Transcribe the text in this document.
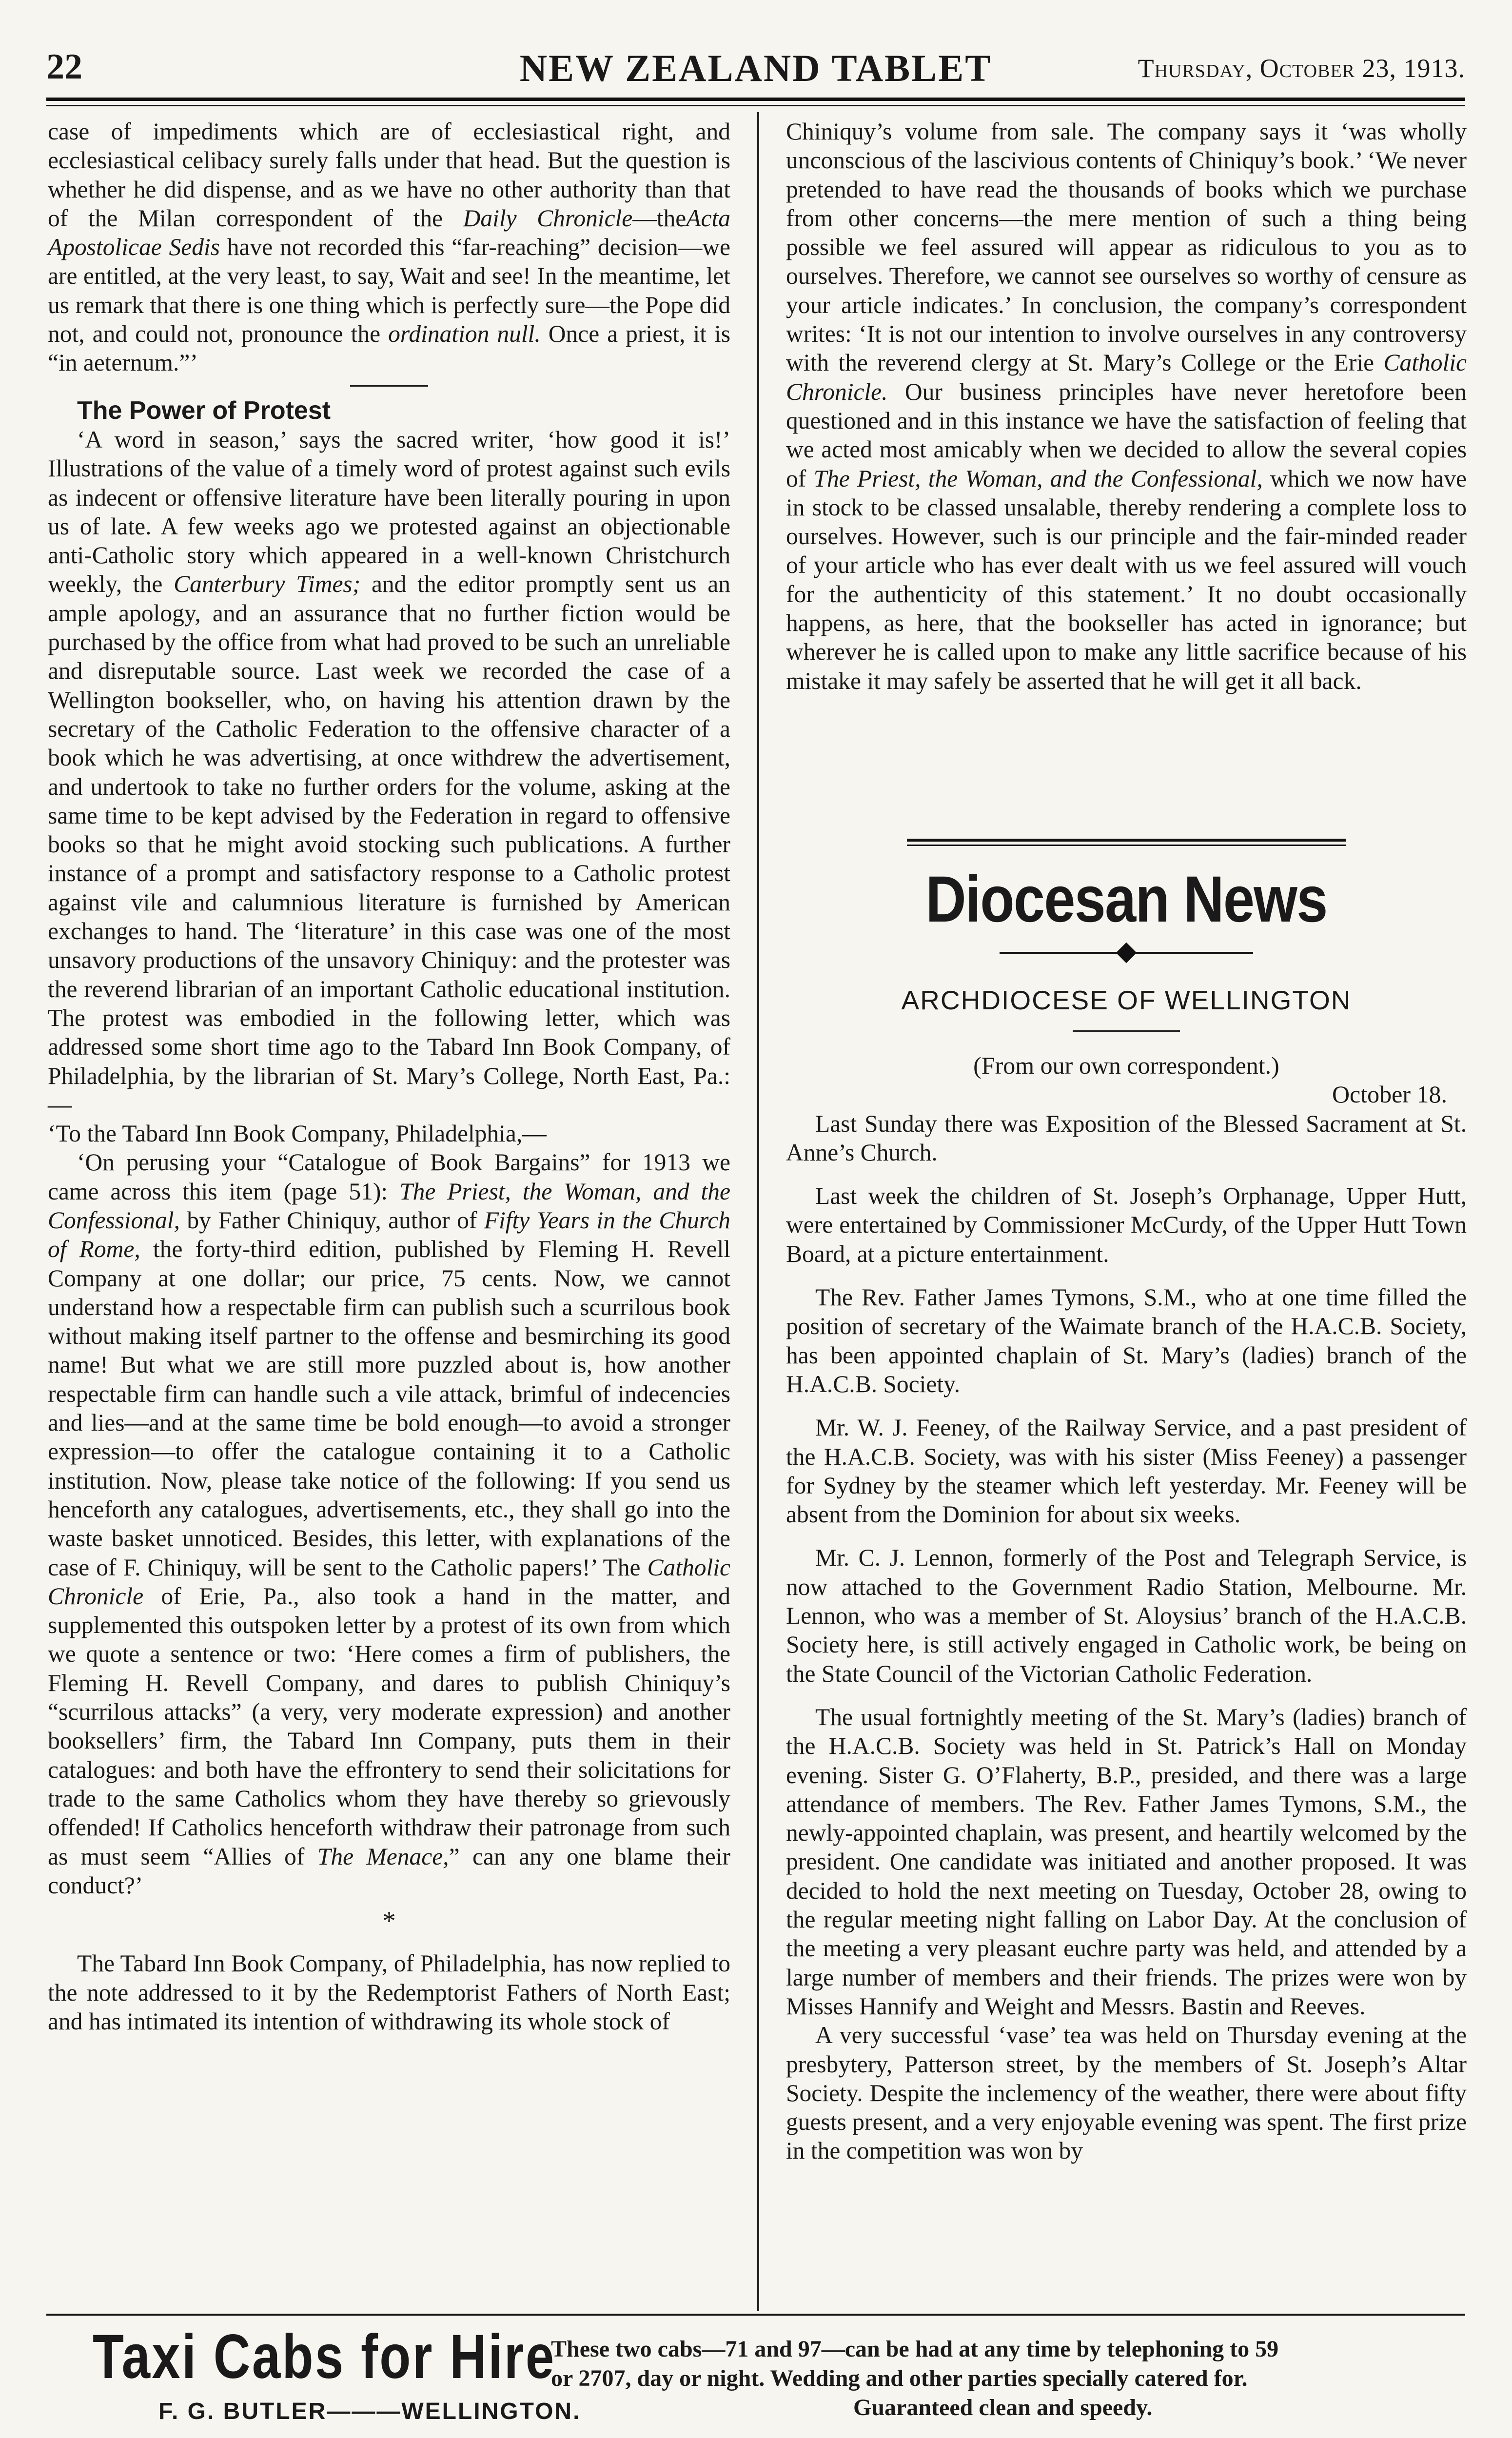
NEW ZEALAND TABLET
22	Thursday, October 23, 1913.

case of impediments which are of ecclesiastical right, and ecclesiastical celibacy surely falls under that head. But the question is whether he did dispense, and as we have no other authority than that of the Milan correspondent of the Daily Chronicle—theActa Apostolicae Sedis have not recorded this “far-reaching” decision—we are entitled, at the very least, to say, Wait and see! In the meantime, let us remark that there is one thing which is perfectly sure—the Pope did not, and could not, pronounce the ordination null. Once a priest, it is “in aeternum.”’

The Power of Protest

‘A word in season,’ says the sacred writer, ‘how good it is!’ Illustrations of the value of a timely word of protest against such evils as indecent or offensive literature have been literally pouring in upon us of late. A few weeks ago we protested against an objectionable anti-Catholic story which appeared in a well-known Christchurch weekly, the Canterbury Times; and the editor promptly sent us an ample apology, and an assurance that no further fiction would be purchased by the office from what had proved to be such an unreliable and disreputable source. Last week we recorded the case of a Wellington bookseller, who, on having his attention drawn by the secretary of the Catholic Federation to the offensive character of a book which he was advertising, at once withdrew the advertisement, and undertook to take no further orders for the volume, asking at the same time to be kept advised by the Federation in regard to offensive books so that he might avoid stocking such publications. A further instance of a prompt and satisfactory response to a Catholic protest against vile and calumnious literature is furnished by American exchanges to hand. The ‘literature’ in this case was one of the most unsavory productions of the unsavory Chiniquy: and the protester was the reverend librarian of an important Catholic educational institution. The protest was embodied in the following letter, which was addressed some short time ago to the Tabard Inn Book Company, of Philadelphia, by the librarian of St. Mary’s College, North East, Pa.:—

‘To the Tabard Inn Book Company, Philadelphia,—

‘On perusing your “Catalogue of Book Bargains” for 1913 we came across this item (page 51): The Priest, the Woman, and the Confessional, by Father Chiniquy, author of Fifty Years in the Church of Rome, the forty-third edition, published by Fleming H. Revell Company at one dollar; our price, 75 cents. Now, we cannot understand how a respectable firm can publish such a scurrilous book without making itself partner to the offense and besmirching its good name! But what we are still more puzzled about is, how another respectable firm can handle such a vile attack, brimful of indecencies and lies—and at the same time be bold enough—to avoid a stronger expression—to offer the catalogue containing it to a Catholic institution. Now, please take notice of the following: If you send us henceforth any catalogues, advertisements, etc., they shall go into the waste basket unnoticed. Besides, this letter, with explanations of the case of F. Chiniquy, will be sent to the Catholic papers!’ The Catholic Chronicle of Erie, Pa., also took a hand in the matter, and supplemented this outspoken letter by a protest of its own from which we quote a sentence or two: ‘Here comes a firm of publishers, the Fleming H. Revell Company, and dares to publish Chiniquy’s “scurrilous attacks” (a very, very moderate expression) and another booksellers’ firm, the Tabard Inn Company, puts them in their catalogues: and both have the effrontery to send their solicitations for trade to the same Catholics whom they have thereby so grievously offended! If Catholics henceforth withdraw their patronage from such as must seem “Allies of The Menace,” can any one blame their conduct?’

*

The Tabard Inn Book Company, of Philadelphia, has now replied to the note addressed to it by the Redemptorist Fathers of North East; and has intimated its intention of withdrawing its whole stock of

Chiniquy’s volume from sale. The company says it ‘was wholly unconscious of the lascivious contents of Chiniquy’s book.’ ‘We never pretended to have read the thousands of books which we purchase from other concerns—the mere mention of such a thing being possible we feel assured will appear as ridiculous to you as to ourselves. Therefore, we cannot see ourselves so worthy of censure as your article indicates.’ In conclusion, the company’s correspondent writes: ‘It is not our intention to involve ourselves in any controversy with the reverend clergy at St. Mary’s College or the Erie Catholic Chronicle. Our business principles have never heretofore been questioned and in this instance we have the satisfaction of feeling that we acted most amicably when we decided to allow the several copies of The Priest, the Woman, and the Confessional, which we now have in stock to be classed unsalable, thereby rendering a complete loss to ourselves. However, such is our principle and the fair-minded reader of your article who has ever dealt with us we feel assured will vouch for the authenticity of this statement.’ It no doubt occasionally happens, as here, that the bookseller has acted in ignorance; but wherever he is called upon to make any little sacrifice because of his mistake it may safely be asserted that he will get it all back.

Diocesan News
ARCHDIOCESE OF WELLINGTON
(From our own correspondent.)
October 18.

Last Sunday there was Exposition of the Blessed Sacrament at St. Anne’s Church.

Last week the children of St. Joseph’s Orphanage, Upper Hutt, were entertained by Commissioner McCurdy, of the Upper Hutt Town Board, at a picture entertainment.

The Rev. Father James Tymons, S.M., who at one time filled the position of secretary of the Waimate branch of the H.A.C.B. Society, has been appointed chaplain of St. Mary’s (ladies) branch of the H.A.C.B. Society.

Mr. W. J. Feeney, of the Railway Service, and a past president of the H.A.C.B. Society, was with his sister (Miss Feeney) a passenger for Sydney by the steamer which left yesterday. Mr. Feeney will be absent from the Dominion for about six weeks.

Mr. C. J. Lennon, formerly of the Post and Telegraph Service, is now attached to the Government Radio Station, Melbourne. Mr. Lennon, who was a member of St. Aloysius’ branch of the H.A.C.B. Society here, is still actively engaged in Catholic work, be being on the State Council of the Victorian Catholic Federation.

The usual fortnightly meeting of the St. Mary’s (ladies) branch of the H.A.C.B. Society was held in St. Patrick’s Hall on Monday evening. Sister G. O’Flaherty, B.P., presided, and there was a large attendance of members. The Rev. Father James Tymons, S.M., the newly-appointed chaplain, was present, and heartily welcomed by the president. One candidate was initiated and another proposed. It was decided to hold the next meeting on Tuesday, October 28, owing to the regular meeting night falling on Labor Day. At the conclusion of the meeting a very pleasant euchre party was held, and attended by a large number of members and their friends. The prizes were won by Misses Hannify and Weight and Messrs. Bastin and Reeves.

A very successful ‘vase’ tea was held on Thursday evening at the presbytery, Patterson street, by the members of St. Joseph’s Altar Society. Despite the inclemency of the weather, there were about fifty guests present, and a very enjoyable evening was spent. The first prize in the competition was won by

Taxi Cabs for Hire
F. G. BUTLER———WELLINGTON.
These two cabs—71 and 97—can be had at any time by telephoning to 59
or 2707, day or night. Wedding and other parties specially catered for.
Guaranteed clean and speedy.
